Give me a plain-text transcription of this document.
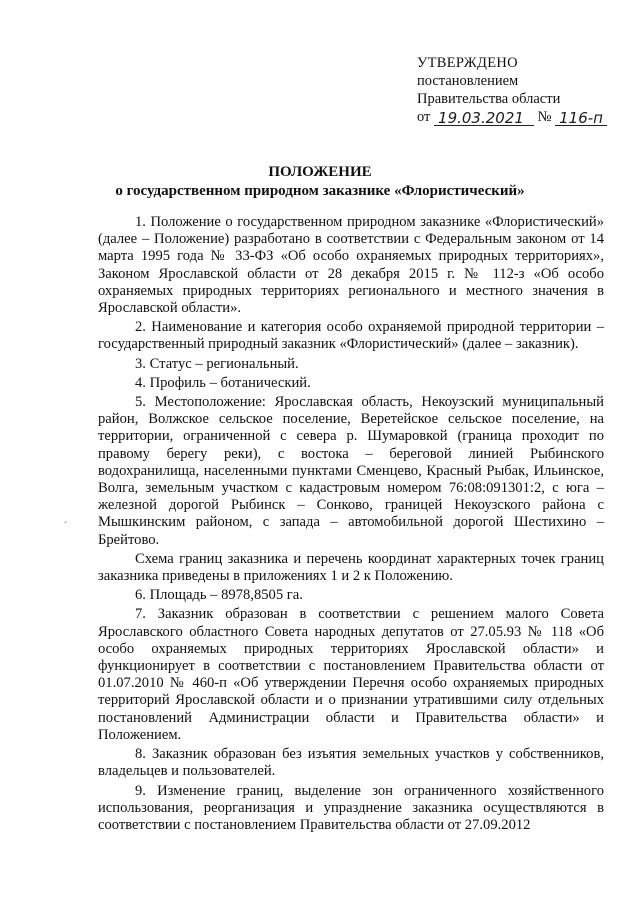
УТВЕРЖДЕНО
постановлением
Правительства области
от 19.03.2021 № 116-п
ПОЛОЖЕНИЕ
о государственном природном заказнике «Флористический»
·

1. Положение о государственном природном заказнике «Флористический» (далее – Положение) разработано в соответствии с Федеральным законом от 14 марта 1995 года № 33-ФЗ «Об особо охраняемых природных территориях», Законом Ярославской области от 28 декабря 2015 г. № 112-з «Об особо охраняемых природных территориях регионального и местного значения в Ярославской области».

2. Наименование и категория особо охраняемой природной территории – государственный природный заказник «Флористический» (далее – заказник).

3. Статус – региональный.

4. Профиль – ботанический.

5. Местоположение: Ярославская область, Некоузский муниципальный район, Волжское сельское поселение, Веретейское сельское поселение, на территории, ограниченной с севера р. Шумаровкой (граница проходит по правому берегу реки), с востока – береговой линией Рыбинского водохранилища, населенными пунктами Сменцево, Красный Рыбак, Ильинское, Волга, земельным участком с кадастровым номером 76:08:091301:2, с юга – железной дорогой Рыбинск – Сонково, границей Некоузского района с Мышкинским районом, с запада – автомобильной дорогой Шестихино – Брейтово.

Схема границ заказника и перечень координат характерных точек границ заказника приведены в приложениях 1 и 2 к Положению.

6. Площадь – 8978,8505 га.

7. Заказник образован в соответствии с решением малого Совета Ярославского областного Совета народных депутатов от 27.05.93 № 118 «Об особо охраняемых природных территориях Ярославской области» и функционирует в соответствии с постановлением Правительства области от 01.07.2010 № 460-п «Об утверждении Перечня особо охраняемых природных территорий Ярославской области и о признании утратившими силу отдельных постановлений Администрации области и Правительства области» и Положением.

8. Заказник образован без изъятия земельных участков у собственников, владельцев и пользователей.

9. Изменение границ, выделение зон ограниченного хозяйственного использования, реорганизация и упразднение заказника осуществляются в соответствии с постановлением Правительства области от 27.09.2012
